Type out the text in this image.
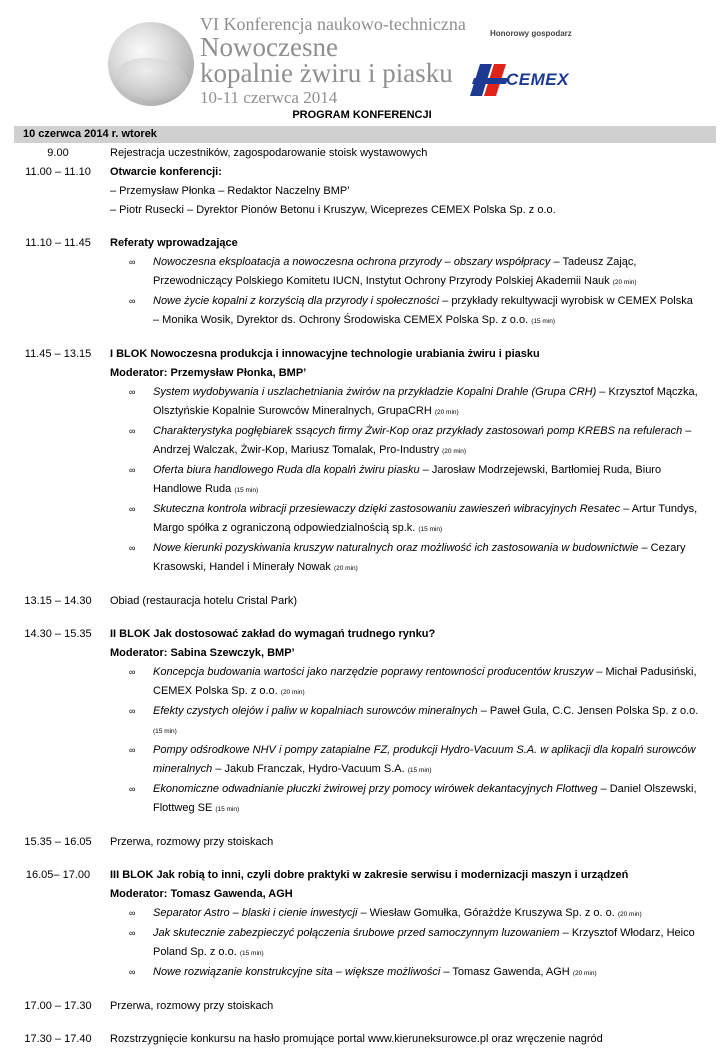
VI Konferencja naukowo-techniczna
Nowoczesne
kopalnie żwiru i piasku
10-11 czerwca 2014
Honorowy gospodarz
CEMEX
PROGRAM KONFERENCJI
10 czerwca 2014 r. wtorek
9.00	Rejestracja uczestników, zagospodarowanie stoisk wystawowych
11.00 – 11.10	Otwarcie konferencji:
– Przemysław Płonka – Redaktor Naczelny BMP’
– Piotr Rusecki – Dyrektor Pionów Betonu i Kruszyw, Wiceprezes CEMEX Polska Sp. z o.o.
11.10 – 11.45	Referaty wprowadzające
∞ Nowoczesna eksploatacja a nowoczesna ochrona przyrody – obszary współpracy – Tadeusz Zając,
Przewodniczący Polskiego Komitetu IUCN, Instytut Ochrony Przyrody Polskiej Akademii Nauk (20 min)
∞ Nowe życie kopalni z korzyścią dla przyrody i społeczności – przykłady rekultywacji wyrobisk w CEMEX Polska
– Monika Wosik, Dyrektor ds. Ochrony Środowiska CEMEX Polska Sp. z o.o. (15 min)
11.45 – 13.15	I BLOK Nowoczesna produkcja i innowacyjne technologie urabiania żwiru i piasku
Moderator: Przemysław Płonka, BMP’
∞ System wydobywania i uszlachetniania żwirów na przykładzie Kopalni Drahle (Grupa CRH) – Krzysztof Mączka,
Olsztyńskie Kopalnie Surowców Mineralnych, GrupaCRH (20 min)
∞ Charakterystyka pogłębiarek ssących firmy Żwir-Kop oraz przykłady zastosowań pomp KREBS na refulerach –
Andrzej Walczak, Żwir-Kop, Mariusz Tomalak, Pro-Industry (20 min)
∞ Oferta biura handlowego Ruda dla kopalń żwiru piasku – Jarosław Modrzejewski, Bartłomiej Ruda, Biuro
Handlowe Ruda (15 min)
∞ Skuteczna kontrola wibracji przesiewaczy dzięki zastosowaniu zawieszeń wibracyjnych Resatec – Artur Tundys,
Margo spółka z ograniczoną odpowiedzialnością sp.k. (15 min)
∞ Nowe kierunki pozyskiwania kruszyw naturalnych oraz możliwość ich zastosowania w budownictwie – Cezary
Krasowski, Handel i Minerały Nowak (20 min)
13.15 – 14.30	Obiad (restauracja hotelu Cristal Park)
14.30 – 15.35	II BLOK Jak dostosować zakład do wymagań trudnego rynku?
Moderator: Sabina Szewczyk, BMP’
∞ Koncepcja budowania wartości jako narzędzie poprawy rentowności producentów kruszyw – Michał Padusiński,
CEMEX Polska Sp. z o.o. (20 min)
∞ Efekty czystych olejów i paliw w kopalniach surowców mineralnych – Paweł Gula, C.C. Jensen Polska Sp. z o.o.
(15 min)
∞ Pompy odśrodkowe NHV i pompy zatapialne FZ, produkcji Hydro-Vacuum S.A. w aplikacji dla kopalń surowców
mineralnych – Jakub Franczak, Hydro-Vacuum S.A. (15 min)
∞ Ekonomiczne odwadnianie płuczki żwirowej przy pomocy wirówek dekantacyjnych Flottweg – Daniel Olszewski,
Flottweg SE (15 min)
15.35 – 16.05	Przerwa, rozmowy przy stoiskach
16.05– 17.00	III BLOK Jak robią to inni, czyli dobre praktyki w zakresie serwisu i modernizacji maszyn i urządzeń
Moderator: Tomasz Gawenda, AGH
∞ Separator Astro – blaski i cienie inwestycji – Wiesław Gomułka, Górażdże Kruszywa Sp. z o. o. (20 min)
∞ Jak skutecznie zabezpieczyć połączenia śrubowe przed samoczynnym luzowaniem – Krzysztof Włodarz, Heico
Poland Sp. z o.o. (15 min)
∞ Nowe rozwiązanie konstrukcyjne sita – większe możliwości – Tomasz Gawenda, AGH (20 min)
17.00 – 17.30	Przerwa, rozmowy przy stoiskach
17.30 – 17.40	Rozstrzygnięcie konkursu na hasło promujące portal www.kieruneksurowce.pl oraz wręczenie nagród
